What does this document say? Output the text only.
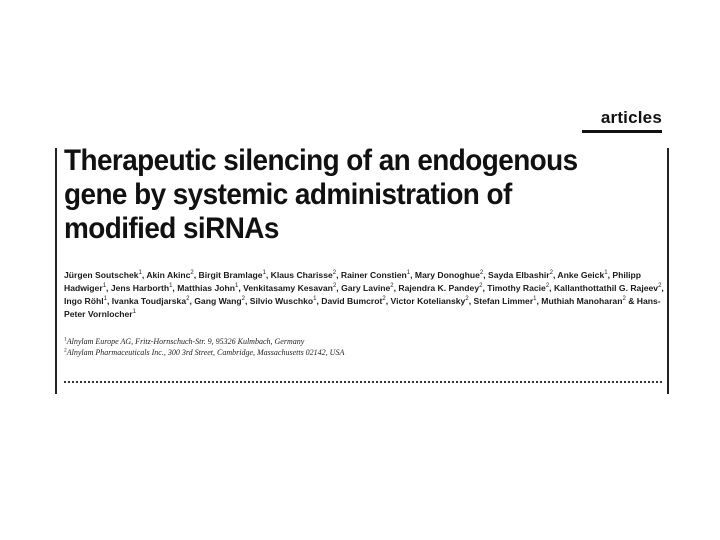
articles
Therapeutic silencing of an endogenous gene by systemic administration of modified siRNAs

Jürgen Soutschek$^1$, Akin Akinc$^2$, Birgit Bramlage$^1$, Klaus Charisse$^2$, Rainer Constien$^1$, Mary Donoghue$^2$, Sayda Elbashir$^2$, Anke Geick$^1$, Philipp Hadwiger$^1$, Jens Harborth$^1$, Matthias John$^1$, Venkitasamy Kesavan$^2$, Gary Lavine$^2$, Rajendra K. Pandey$^2$, Timothy Racie$^2$, Kallanthottathil G. Rajeev$^2$, Ingo Röhl$^1$, Ivanka Toudjarska$^2$, Gang Wang$^2$, Silvio Wuschko$^1$, David Bumcrot$^2$, Victor Koteliansky$^2$, Stefan Limmer$^1$, Muthiah Manoharan$^2$ & Hans-Peter Vornlocher$^1$

$^1$Alnylam Europe AG, Fritz-Hornschuch-Str. 9, 95326 Kulmbach, Germany
$^2$Alnylam Pharmaceuticals Inc., 300 3rd Street, Cambridge, Massachusetts 02142, USA
